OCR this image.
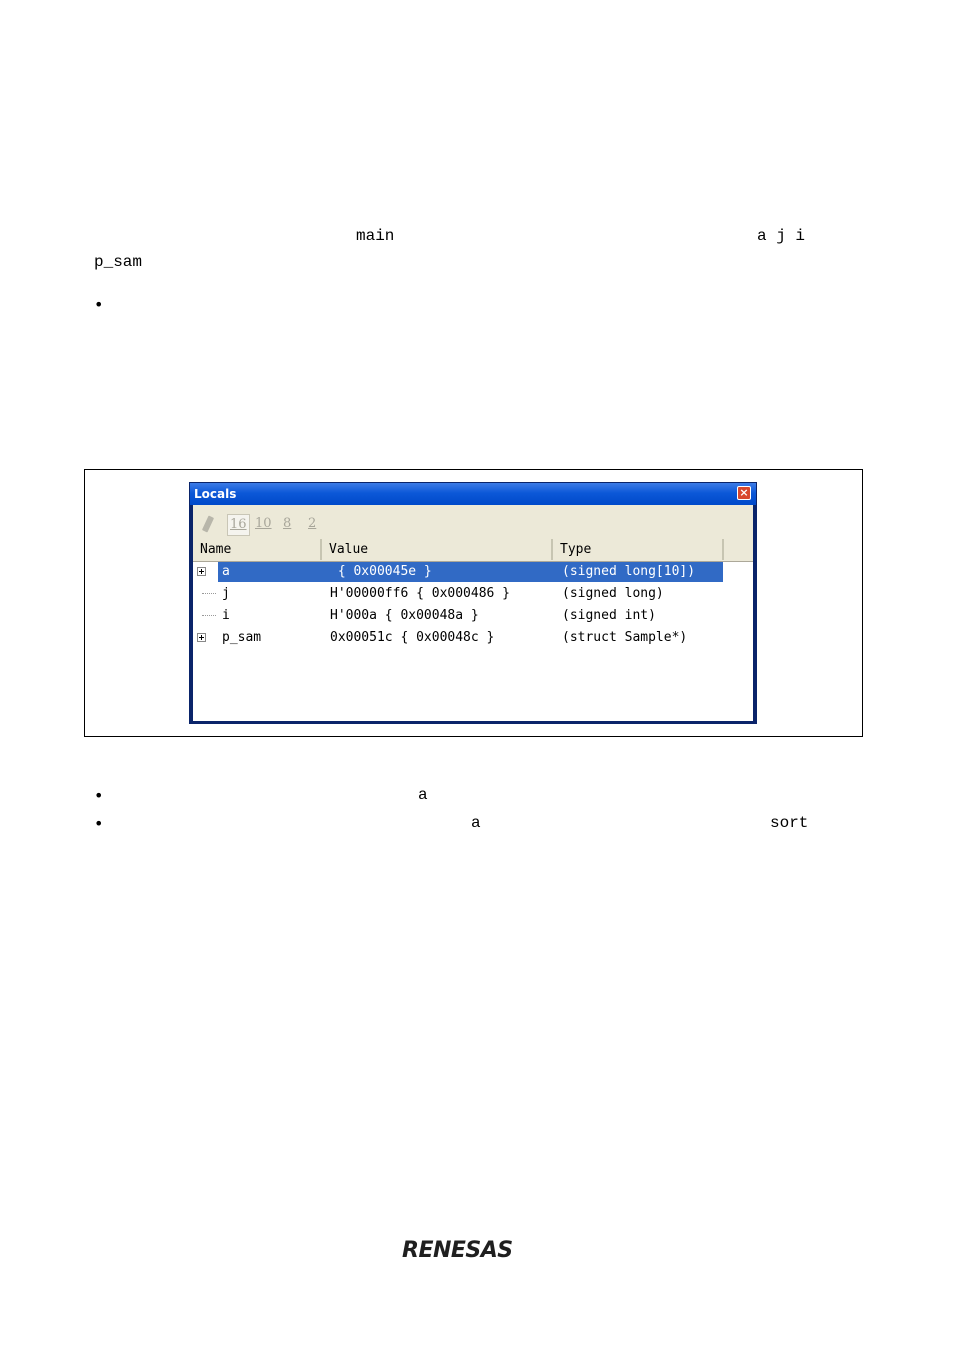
main	a j i
p_sam
•
Locals	×
16 10 8 2
Name	Value	Type
a	{ 0x00045e }	(signed long[10])
j	H'00000ff6 { 0x000486 }	(signed long)
i	H'000a { 0x00048a }	(signed int)
p_sam	0x00051c { 0x00048c }	(struct Sample*)
•	a
•	a	sort
RENESAS
